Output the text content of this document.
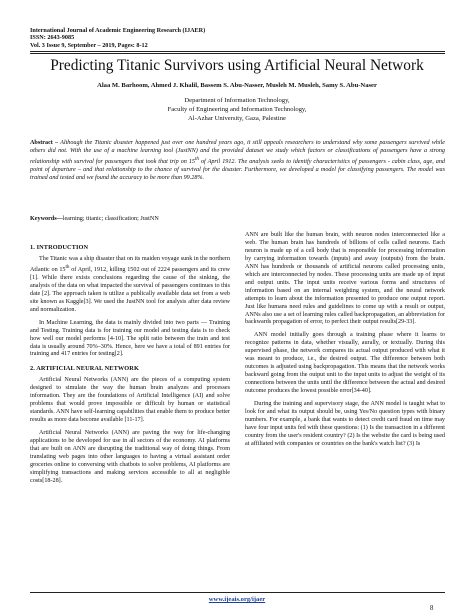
International Journal of Academic Engineering Research (IJAER)
ISSN: 2643-9085
Vol. 3 Issue 9, September – 2019, Pages: 8-12
Predicting Titanic Survivors using Artificial Neural Network
Alaa M. Barhoom, Ahmed J. Khalil, Bassem S. Abu-Nasser, Musleh M. Musleh, Samy S. Abu-Naser
Department of Information Technology,
Faculty of Engineering and Information Technology,
Al-Azhar University, Gaza, Palestine
Abstract – Although the Titanic disaster happened just over one hundred years ago, it still appeals researchers to understand why some passengers survived while others did not. With the use of a machine learning tool (JustNN) and the provided dataset we study which factors or classifications of passengers have a strong relationship with survival for passengers that took that trip on 15th of April 1912. The analysis seeks to identify characteristics of passengers - cabin class, age, and point of departure – and that relationship to the chance of survival for the disaster. Furthermore, we developed a model for classifying passengers. The model was trained and tested and we found the accuracy to be more than 99.28%.
Keywords—learning; titanic; classification; JustNN
1. INTRODUCTION

The Titanic was a ship disaster that on its maiden voyage sunk in the northern Atlantic on 15th of April, 1912, killing 1502 out of 2224 passengers and its crew [1]. While there exists conclusions regarding the cause of the sinking, the analysis of the data on what impacted the survival of passengers continues to this date [2]. The approach taken is utilize a publically available data set from a web site known as Kaggle[3]. We used the JustNN tool for analysis after data review and normalization.

In Machine Learning, the data is mainly divided into two parts — Training and Testing. Training data is for training our model and testing data is to check how well our model performs [4-10]. The split ratio between the train and test data is usually around 70%–30%. Hence, here we have a total of 891 entries for training and 417 entries for testing[2].

2. ARTIFICIAL NEURAL NETWORK

Artificial Neural Networks (ANN) are the pieces of a computing system designed to simulate the way the human brain analyzes and processes information. They are the foundations of Artificial Intelligence (AI) and solve problems that would prove impossible or difficult by human or statistical standards. ANN have self-learning capabilities that enable them to produce better results as more data become available [11-17].

Artificial Neural Networks (ANN) are paving the way for life-changing applications to be developed for use in all sectors of the economy. AI platforms that are built on ANN are disrupting the traditional way of doing things. From translating web pages into other languages to having a virtual assistant order groceries online to conversing with chatbots to solve problems, AI platforms are simplifying transactions and making services accessible to all at negligible costs[18-28].

ANN are built like the human brain, with neuron nodes interconnected like a web. The human brain has hundreds of billions of cells called neurons. Each neuron is made up of a cell body that is responsible for processing information by carrying information towards (inputs) and away (outputs) from the brain. ANN has hundreds or thousands of artificial neurons called processing units, which are interconnected by nodes. These processing units are made up of input and output units. The input units receive various forms and structures of information based on an internal weighting system, and the neural network attempts to learn about the information presented to produce one output report. Just like humans need rules and guidelines to come up with a result or output, ANNs also use a set of learning rules called backpropagation, an abbreviation for backwards propagation of error, to perfect their output results[29-33].

ANN model initially goes through a training phase where it learns to recognize patterns in data, whether visually, aurally, or textually. During this supervised phase, the network compares its actual output produced with what it was meant to produce, i.e., the desired output. The difference between both outcomes is adjusted using backpropagation. This means that the network works backward going from the output unit to the input units to adjust the weight of its connections between the units until the difference between the actual and desired outcome produces the lowest possible error[34-40].

During the training and supervisory stage, the ANN model is taught what to look for and what its output should be, using Yes/No question types with binary numbers. For example, a bank that wants to detect credit card fraud on time may have four input units fed with these questions: (1) Is the transaction in a different country from the user's resident country? (2) Is the website the card is being used at affiliated with companies or countries on the bank's watch list? (3) Is

www.ijeais.org/ijaer
8
